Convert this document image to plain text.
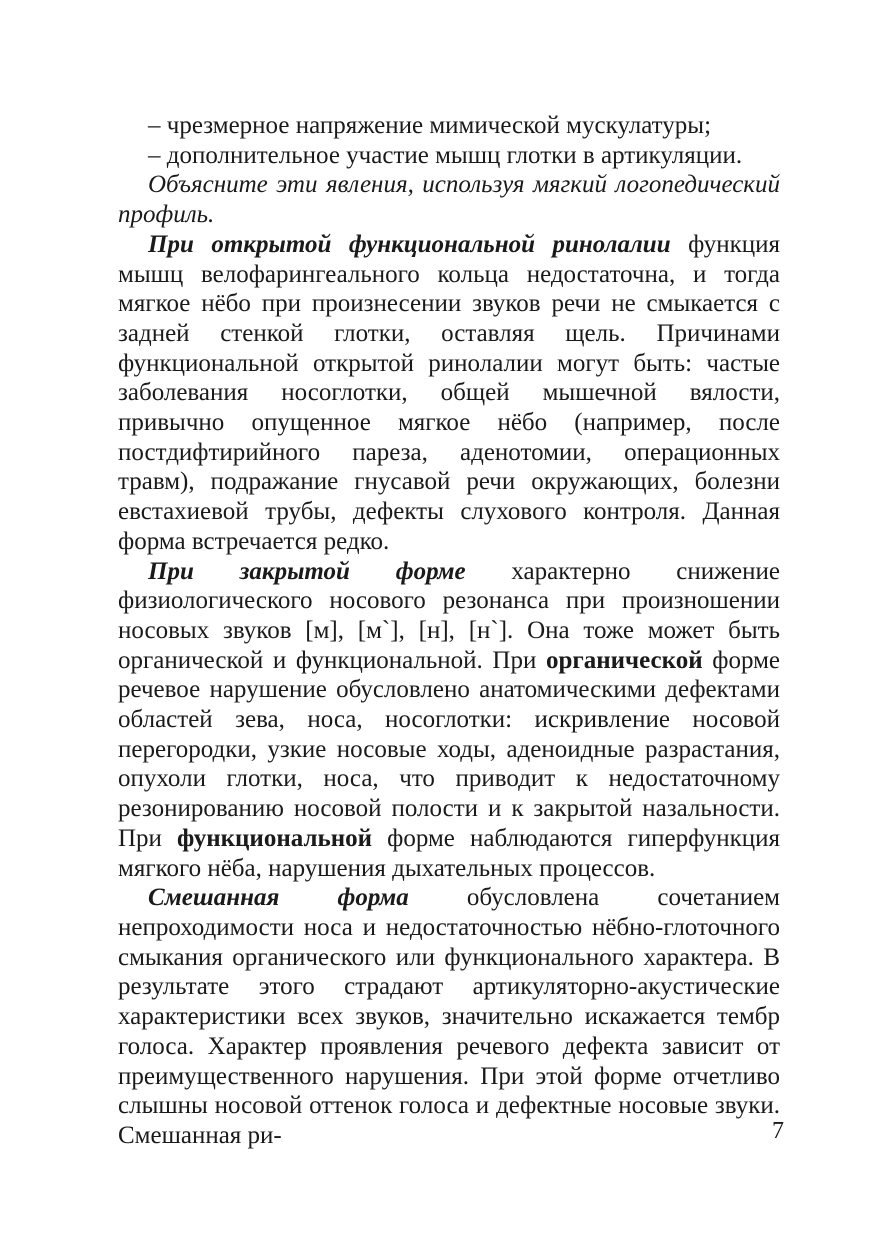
– чрезмерное напряжение мимической мускулатуры;

– дополнительное участие мышц глотки в артикуляции.

Объясните эти явления, используя мягкий логопедический профиль.

При открытой функциональной ринолалии функция мышц велофарингеального кольца недостаточна, и тогда мягкое нёбо при произнесении звуков речи не смыкается с задней стенкой глотки, оставляя щель. Причинами функциональной открытой ринолалии могут быть: частые заболевания носоглотки, общей мышечной вялости, привычно опущенное мягкое нёбо (например, после постдифтирийного пареза, аденотомии, операционных травм), подражание гнусавой речи окружающих, болезни евстахиевой трубы, дефекты слухового контроля. Данная форма встречается редко.

При закрытой форме характерно снижение физиологического носового резонанса при произношении носовых звуков [м], [м`], [н], [н`]. Она тоже может быть органической и функциональной. При органической форме речевое нарушение обусловлено анатомическими дефектами областей зева, носа, носоглотки: искривление носовой перегородки, узкие носовые ходы, аденоидные разрастания, опухоли глотки, носа, что приводит к недостаточному резонированию носовой полости и к закрытой назальности. При функциональной форме наблюдаются гиперфункция мягкого нёба, нарушения дыхательных процессов.

Смешанная форма обусловлена сочетанием непроходимости носа и недостаточностью нёбно-глоточного смыкания органического или функционального характера. В результате этого страдают артикуляторно-акустические характеристики всех звуков, значительно искажается тембр голоса. Характер проявления речевого дефекта зависит от преимущественного нарушения. При этой форме отчетливо слышны носовой оттенок голоса и дефектные носовые звуки. Смешанная ри-	7
